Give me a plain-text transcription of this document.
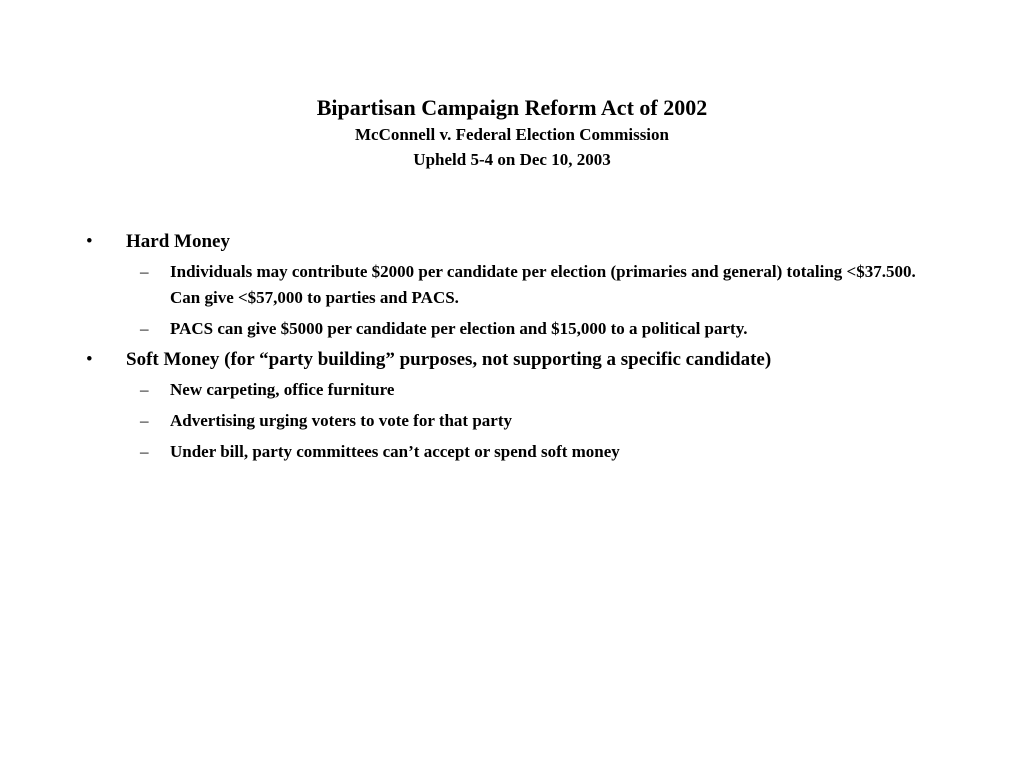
Bipartisan Campaign Reform Act of 2002
McConnell v. Federal Election Commission
Upheld 5-4 on Dec 10, 2003
• Hard Money
– Individuals may contribute $2000 per candidate per election (primaries and general) totaling <$37.500. Can give <$57,000 to parties and PACS.
– PACS can give $5000 per candidate per election and $15,000 to a political party.
• Soft Money (for “party building” purposes, not supporting a specific candidate)
– New carpeting, office furniture
– Advertising urging voters to vote for that party
– Under bill, party committees can’t accept or spend soft money
